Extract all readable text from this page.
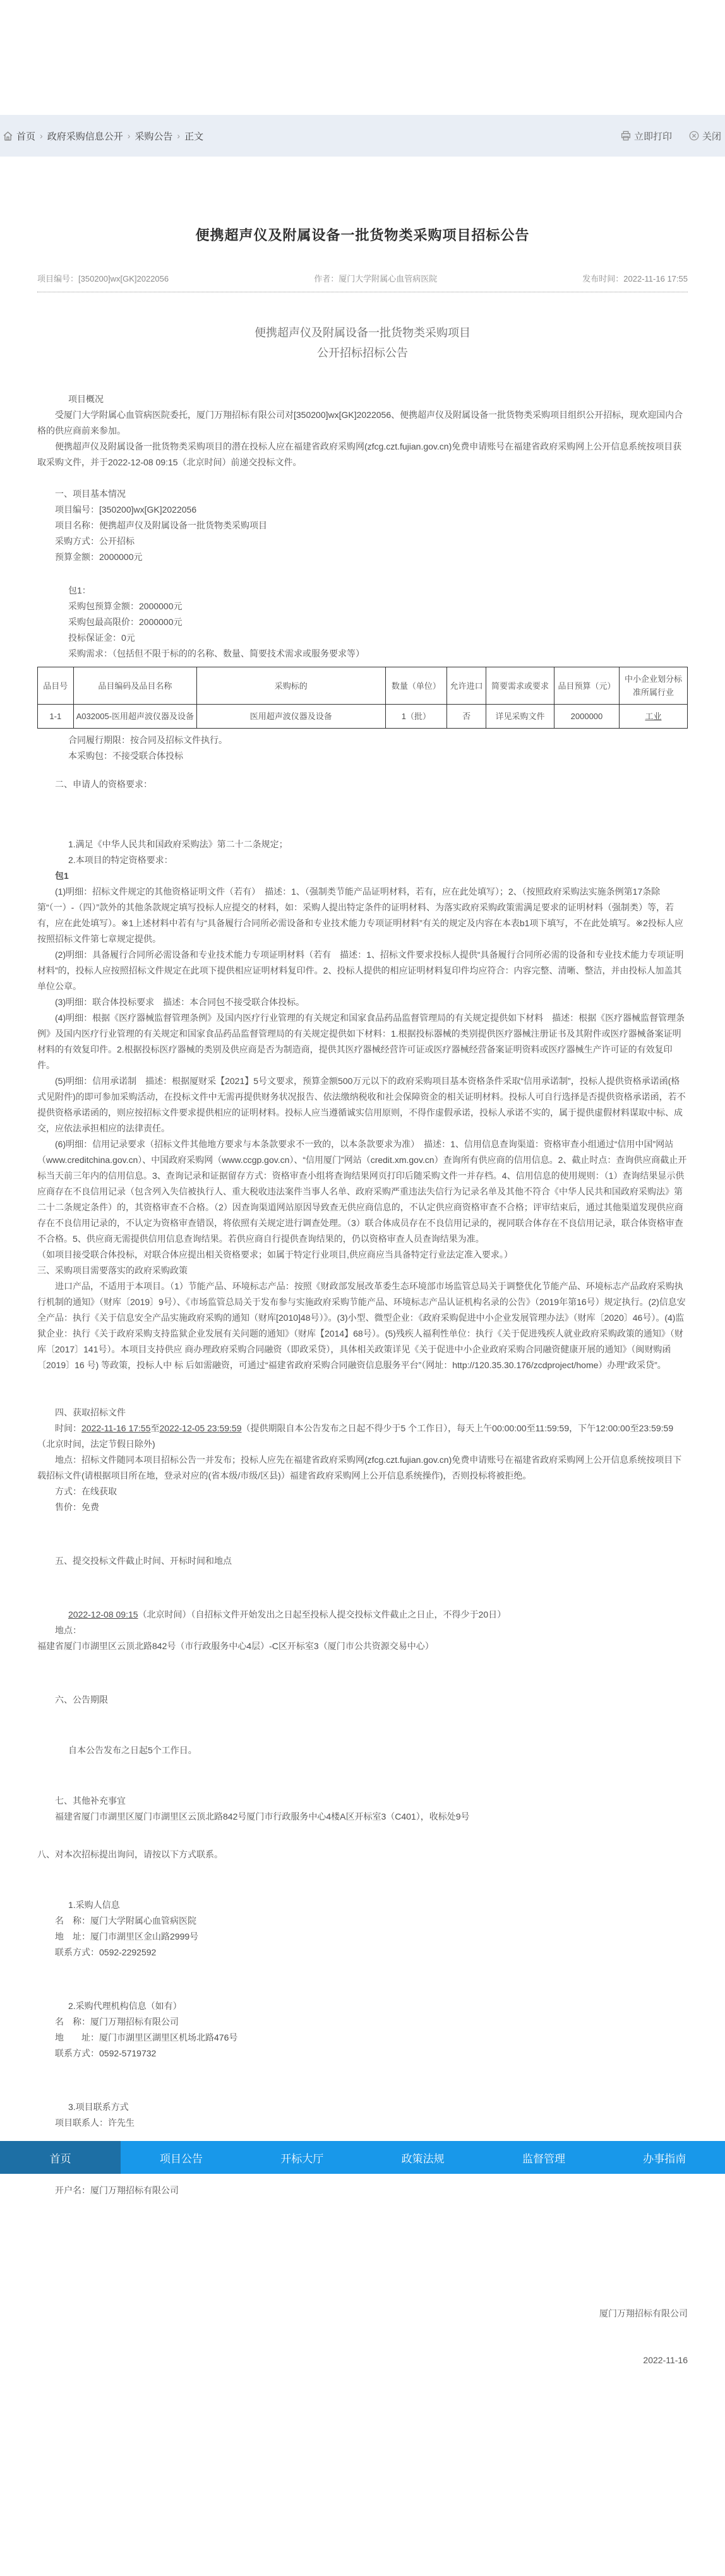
首页 › 政府采购信息公开 › 采购公告 › 正文	立即打印	关闭
便携超声仪及附属设备一批货物类采购项目招标公告
项目编号：[350200]wx[GK]2022056	作者：厦门大学附属心血管病医院	发布时间：2022-11-16 17:55
便携超声仪及附属设备一批货物类采购项目
公开招标招标公告

项目概况

受厦门大学附属心血管病医院委托，厦门万翔招标有限公司对[350200]wx[GK]2022056、便携超声仪及附属设备一批货物类采购项目组织公开招标，现欢迎国内合格的供应商前来参加。

便携超声仪及附属设备一批货物类采购项目的潜在投标人应在福建省政府采购网(zfcg.czt.fujian.gov.cn)免费申请账号在福建省政府采购网上公开信息系统按项目获取采购文件，并于2022-12-08 09:15（北京时间）前递交投标文件。

一、项目基本情况

项目编号：[350200]wx[GK]2022056

项目名称：便携超声仪及附属设备一批货物类采购项目

采购方式：公开招标

预算金额：2000000元

包1：

采购包预算金额：2000000元

采购包最高限价：2000000元

投标保证金：0元

采购需求：（包括但不限于标的的名称、数量、简要技术需求或服务要求等）

品目号	品目编码及品目名称	采购标的	数量（单位）	允许进口	简要需求或要求	品目预算（元）	中小企业划分标准所属行业
1-1	A032005-医用超声波仪器及设备	医用超声波仪器及设备	1（批）	否	详见采购文件	2000000	工业

合同履行期限：按合同及招标文件执行。

本采购包：不接受联合体投标

二、申请人的资格要求：

1.满足《中华人民共和国政府采购法》第二十二条规定；

2.本项目的特定资格要求：

包1

(1)明细：招标文件规定的其他资格证明文件（若有）　描述：1、（强制类节能产品证明材料，若有，应在此处填写）；2、（按照政府采购法实施条例第17条除第“（一）-（四）”款外的其他条款规定填写投标人应提交的材料，如：采购人提出特定条件的证明材料、为落实政府采购政策需满足要求的证明材料（强制类）等，若有，应在此处填写）。※1上述材料中若有与“具备履行合同所必需设备和专业技术能力专项证明材料”有关的规定及内容在本表b1项下填写，不在此处填写。※2投标人应按照招标文件第七章规定提供。

(2)明细：具备履行合同所必需设备和专业技术能力专项证明材料（若有　描述：1、招标文件要求投标人提供“具备履行合同所必需的设备和专业技术能力专项证明材料”的，投标人应按照招标文件规定在此项下提供相应证明材料复印件。2、投标人提供的相应证明材料复印件均应符合：内容完整、清晰、整洁，并由投标人加盖其单位公章。

(3)明细：联合体投标要求　描述：本合同包不接受联合体投标。

(4)明细：根据《医疗器械监督管理条例》及国内医疗行业管理的有关规定和国家食品药品监督管理局的有关规定提供如下材料　描述：根据《医疗器械监督管理条例》及国内医疗行业管理的有关规定和国家食品药品监督管理局的有关规定提供如下材料：1.根据投标器械的类别提供医疗器械注册证书及其附件或医疗器械备案证明材料的有效复印件。2.根据投标医疗器械的类别及供应商是否为制造商，提供其医疗器械经营许可证或医疗器械经营备案证明资料或医疗器械生产许可证的有效复印件。

(5)明细：信用承诺制　描述：根据厦财采【2021】5号文要求，预算金额500万元以下的政府采购项目基本资格条件采取“信用承诺制”，投标人提供资格承诺函(格式见附件)的即可参加采购活动，在投标文件中无需再提供财务状况报告、依法缴纳税收和社会保障资金的相关证明材料。投标人可自行选择是否提供资格承诺函，若不提供资格承诺函的，则应按招标文件要求提供相应的证明材料。投标人应当遵循诚实信用原则，不得作虚假承诺，投标人承诺不实的，属于提供虚假材料谋取中标、成交，应依法承担相应的法律责任。

(6)明细：信用记录要求（招标文件其他地方要求与本条款要求不一致的，以本条款要求为准）　描述：1、信用信息查询渠道：资格审查小组通过“信用中国”网站（www.creditchina.gov.cn）、中国政府采购网（www.ccgp.gov.cn）、“信用厦门”网站（credit.xm.gov.cn）查询所有供应商的信用信息。2、截止时点：查询供应商截止开标当天前三年内的信用信息。3、查询记录和证据留存方式：资格审查小组将查询结果网页打印后随采购文件一并存档。4、信用信息的使用规则：（1）查询结果显示供应商存在不良信用记录（包含列入失信被执行人、重大税收违法案件当事人名单、政府采购严重违法失信行为记录名单及其他不符合《中华人民共和国政府采购法》第二十二条规定条件）的，其资格审查不合格。（2）因查询渠道网站原因导致查无供应商信息的，不认定供应商资格审查不合格；评审结束后，通过其他渠道发现供应商存在不良信用记录的，不认定为资格审查错误，将依照有关规定进行调查处理。（3）联合体成员存在不良信用记录的，视同联合体存在不良信用记录，联合体资格审查不合格。5、供应商无需提供信用信息查询结果。若供应商自行提供查询结果的，仍以资格审查人员查询结果为准。

（如项目接受联合体投标，对联合体应提出相关资格要求；如属于特定行业项目,供应商应当具备特定行业法定准入要求。）

三、采购项目需要落实的政府采购政策

进口产品，不适用于本项目。（1）节能产品、环境标志产品：按照《财政部发展改革委生态环境部市场监管总局关于调整优化节能产品、环境标志产品政府采购执行机制的通知》（财库〔2019〕9号）、《市场监管总局关于发布参与实施政府采购节能产品、环境标志产品认证机构名录的公告》（2019年第16号）规定执行。(2)信息安全产品：执行《关于信息安全产品实施政府采购的通知（财库[2010]48号）》。(3)小型、微型企业：《政府采购促进中小企业发展管理办法》（财库〔2020〕46号）。(4)监狱企业：执行《关于政府采购支持监狱企业发展有关问题的通知》（财库【2014】68号）。(5)残疾人福利性单位：执行《关于促进残疾人就业政府采购政策的通知》（财库〔2017〕141号）。本项目支持供应 商办理政府采购合同融资（即政采贷），具体相关政策详见《关于促进中小企业政府采购合同融资健康开展的通知》（闽财购函〔2019〕16 号) 等政策，投标人中 标 后如需融资，可通过“福建省政府采购合同融资信息服务平台”（网址：http://120.35.30.176/zcdproject/home）办理“政采贷”。

四、获取招标文件

时间：2022-11-16 17:55至2022-12-05 23:59:59（提供期限自本公告发布之日起不得少于5 个工作日），每天上午00:00:00至11:59:59，下午12:00:00至23:59:59（北京时间，法定节假日除外)

地点：招标文件随同本项目招标公告一并发布；投标人应先在福建省政府采购网(zfcg.czt.fujian.gov.cn)免费申请账号在福建省政府采购网上公开信息系统按项目下载招标文件(请根据项目所在地，登录对应的(省本级/市级/区县)）福建省政府采购网上公开信息系统操作)，否则投标将被拒绝。

方式：在线获取

售价：免费

五、提交投标文件截止时间、开标时间和地点

2022-12-08 09:15（北京时间）（自招标文件开始发出之日起至投标人提交投标文件截止之日止，不得少于20日）

地点：

福建省厦门市湖里区云顶北路842号（市行政服务中心4层）-C区开标室3（厦门市公共资源交易中心）

六、公告期限

自本公告发布之日起5个工作日。

七、其他补充事宜

福建省厦门市湖里区厦门市湖里区云顶北路842号厦门市行政服务中心4楼A区开标室3（C401），收标处9号

八、对本次招标提出询问，请按以下方式联系。

1.采购人信息

名　称：厦门大学附属心血管病医院

地　址：厦门市湖里区金山路2999号

联系方式：0592-2292592

2.采购代理机构信息（如有）

名　称：厦门万翔招标有限公司

地　　址：厦门市湖里区湖里区机场北路476号

联系方式：0592-5719732

3.项目联系方式

项目联系人：许先生

首页	项目公告	开标大厅	政策法规	监督管理	办事指南

开户名：厦门万翔招标有限公司

厦门万翔招标有限公司
2022-11-16
